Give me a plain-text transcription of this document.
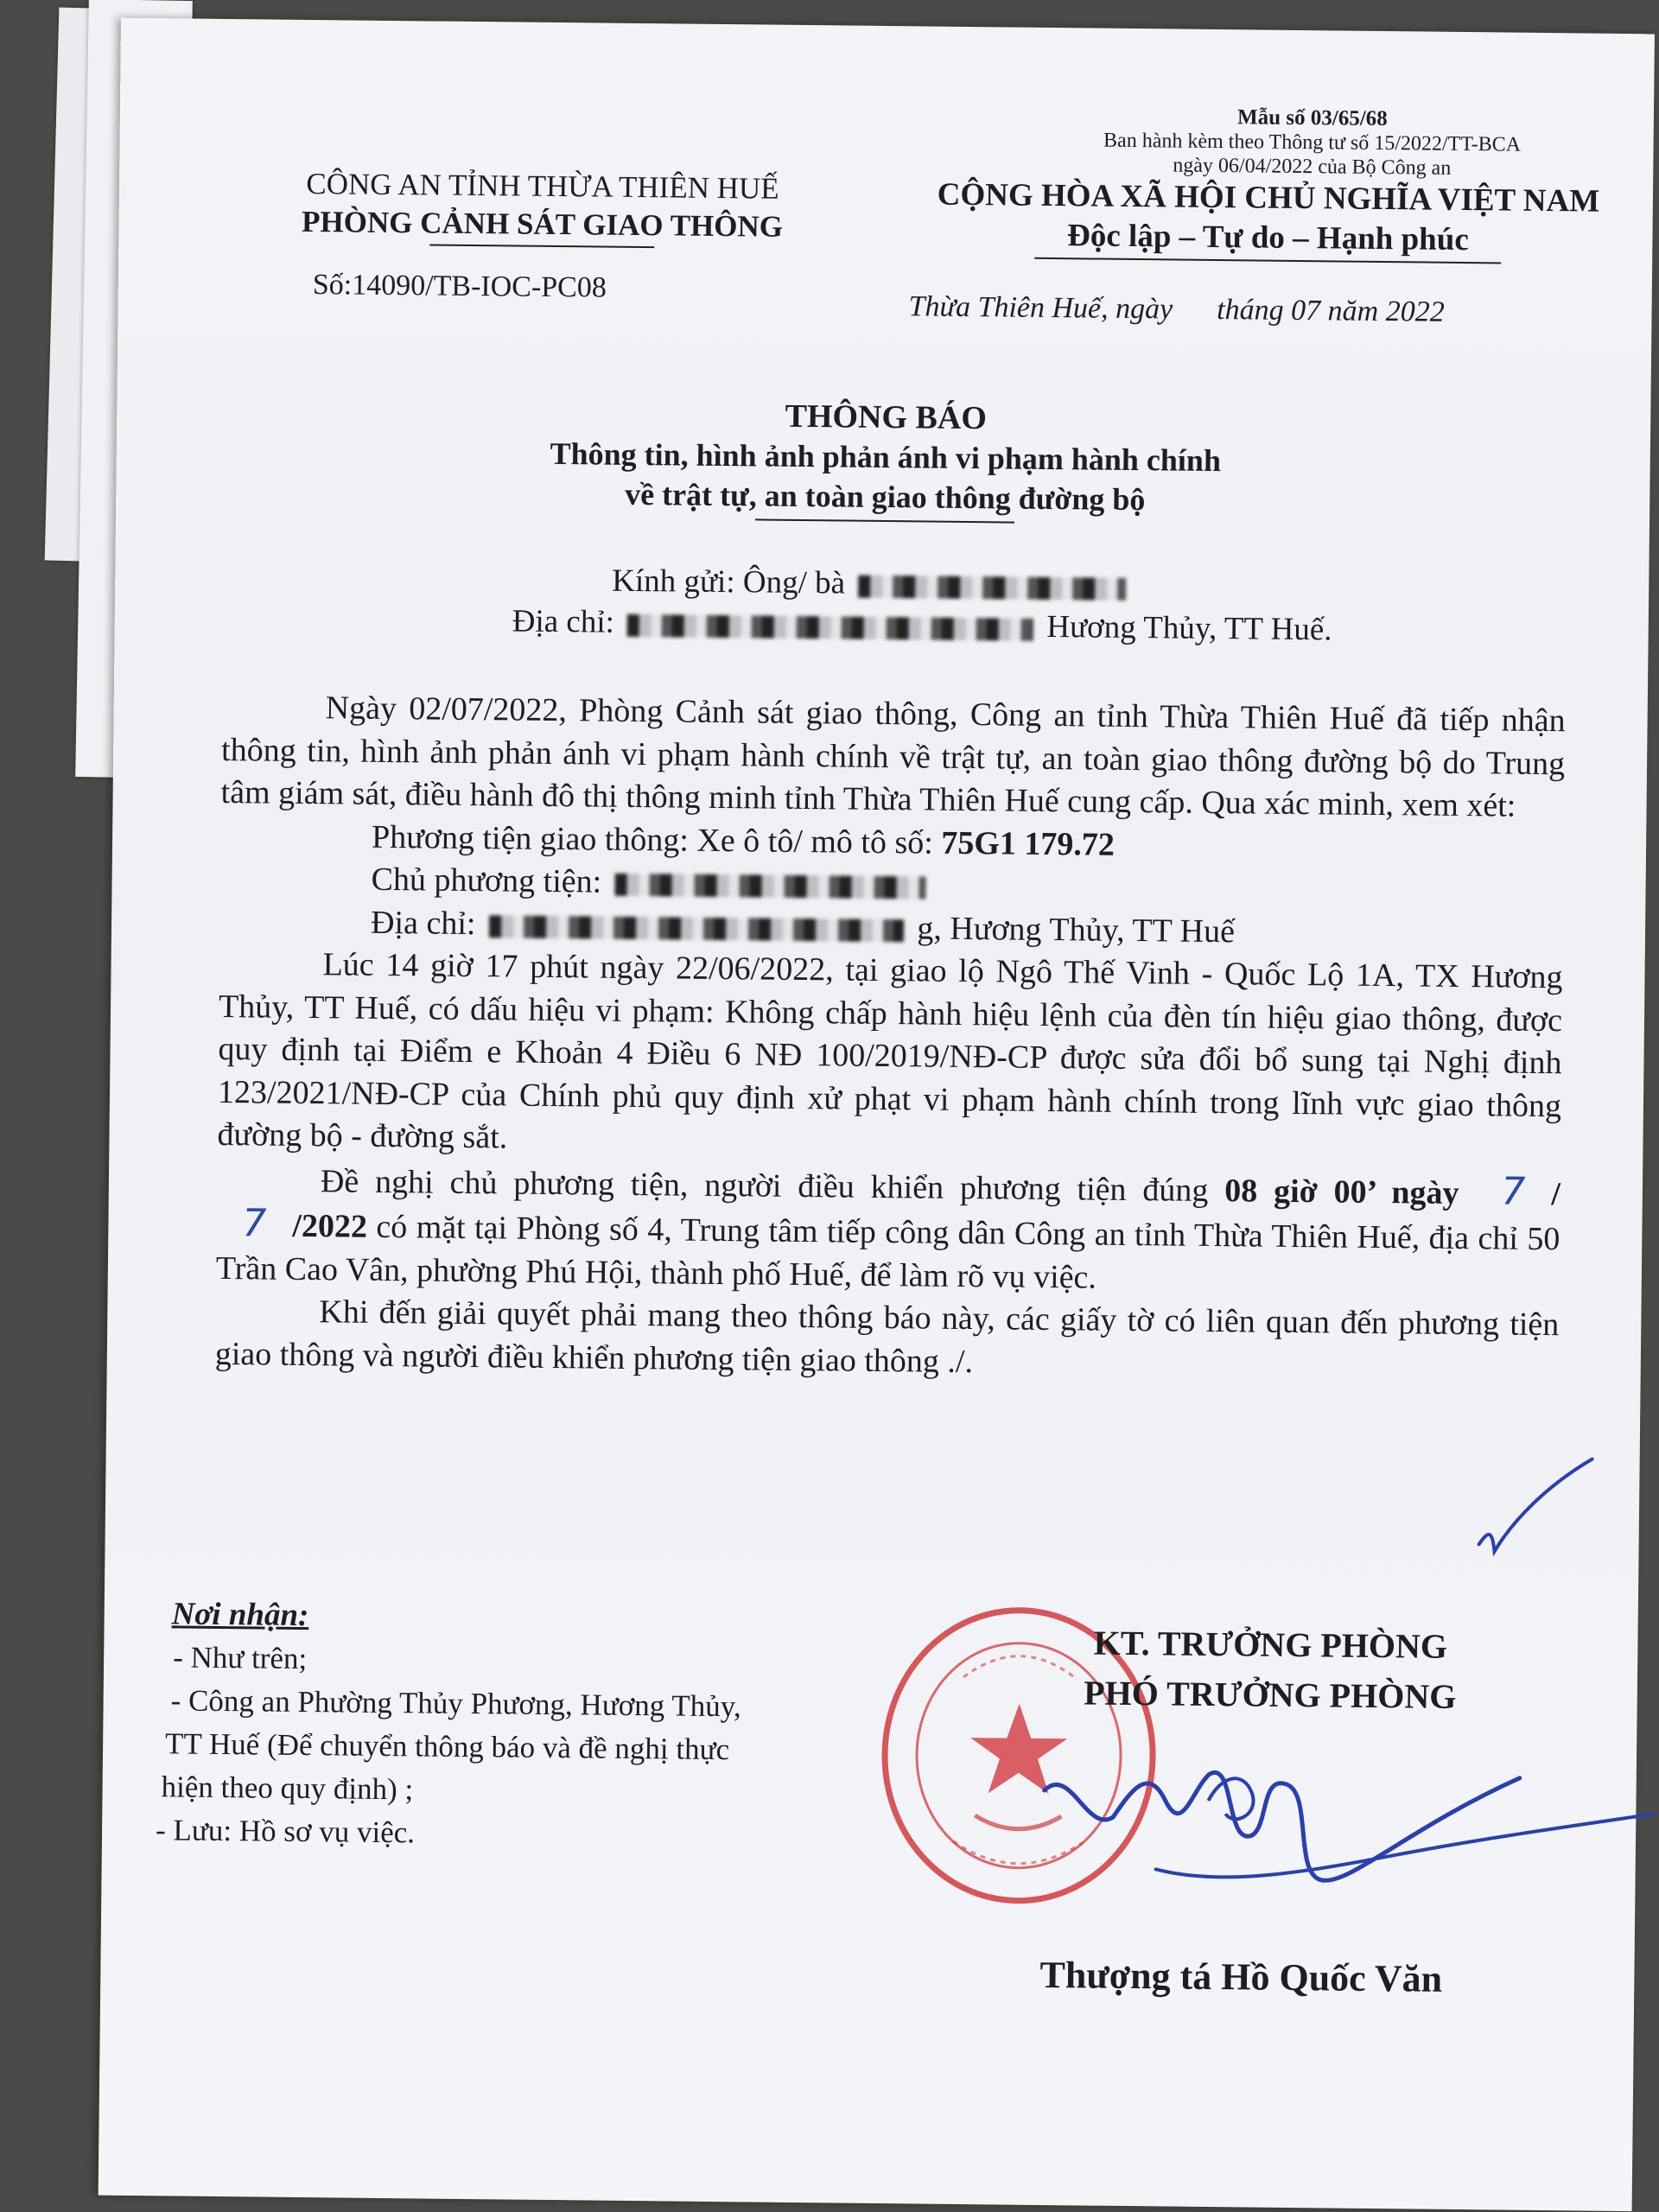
Mẫu số 03/65/68
Ban hành kèm theo Thông tư số 15/2022/TT-BCA
ngày 06/04/2022 của Bộ Công an
CÔNG AN TỈNH THỪA THIÊN HUẾ
PHÒNG CẢNH SÁT GIAO THÔNG
Số:14090/TB-IOC-PC08
CỘNG HÒA XÃ HỘI CHỦ NGHĨA VIỆT NAM
Độc lập – Tự do – Hạnh phúc
Thừa Thiên Huế, ngày      tháng 07 năm 2022
THÔNG BÁO
Thông tin, hình ảnh phản ánh vi phạm hành chính
về trật tự, an toàn giao thông đường bộ
Kính gửi: Ông/ bà
Địa chỉ:	Hương Thủy, TT Huế.

Ngày 02/07/2022, Phòng Cảnh sát giao thông, Công an tỉnh Thừa Thiên Huế đã tiếp nhận thông tin, hình ảnh phản ánh vi phạm hành chính về trật tự, an toàn giao thông đường bộ do Trung tâm giám sát, điều hành đô thị thông minh tỉnh Thừa Thiên Huế cung cấp. Qua xác minh, xem xét:

Phương tiện giao thông: Xe ô tô/ mô tô số: 75G1 179.72

Chủ phương tiện:

Địa chỉ:	g, Hương Thủy, TT Huế

Lúc 14 giờ 17 phút ngày 22/06/2022, tại giao lộ Ngô Thế Vinh - Quốc Lộ 1A, TX Hương Thủy, TT Huế, có dấu hiệu vi phạm: Không chấp hành hiệu lệnh của đèn tín hiệu giao thông, được quy định tại Điểm e Khoản 4 Điều 6 NĐ 100/2019/NĐ-CP được sửa đổi bổ sung tại Nghị định 123/2021/NĐ-CP của Chính phủ quy định xử phạt vi phạm hành chính trong lĩnh vực giao thông đường bộ - đường sắt.

Đề nghị chủ phương tiện, người điều khiển phương tiện đúng 08 giờ 00’ ngày 7 / 7 /2022 có mặt tại Phòng số 4, Trung tâm tiếp công dân Công an tỉnh Thừa Thiên Huế, địa chỉ 50 Trần Cao Vân, phường Phú Hội, thành phố Huế, để làm rõ vụ việc.

Khi đến giải quyết phải mang theo thông báo này, các giấy tờ có liên quan đến phương tiện giao thông và người điều khiển phương tiện giao thông ./.

Nơi nhận:
- Như trên;
- Công an Phường Thủy Phương, Hương Thủy,
TT Huế (Để chuyển thông báo và đề nghị thực
hiện theo quy định) ;
- Lưu: Hồ sơ vụ việc.
KT. TRƯỞNG PHÒNG
PHÓ TRƯỞNG PHÒNG
Thượng tá Hồ Quốc Văn
